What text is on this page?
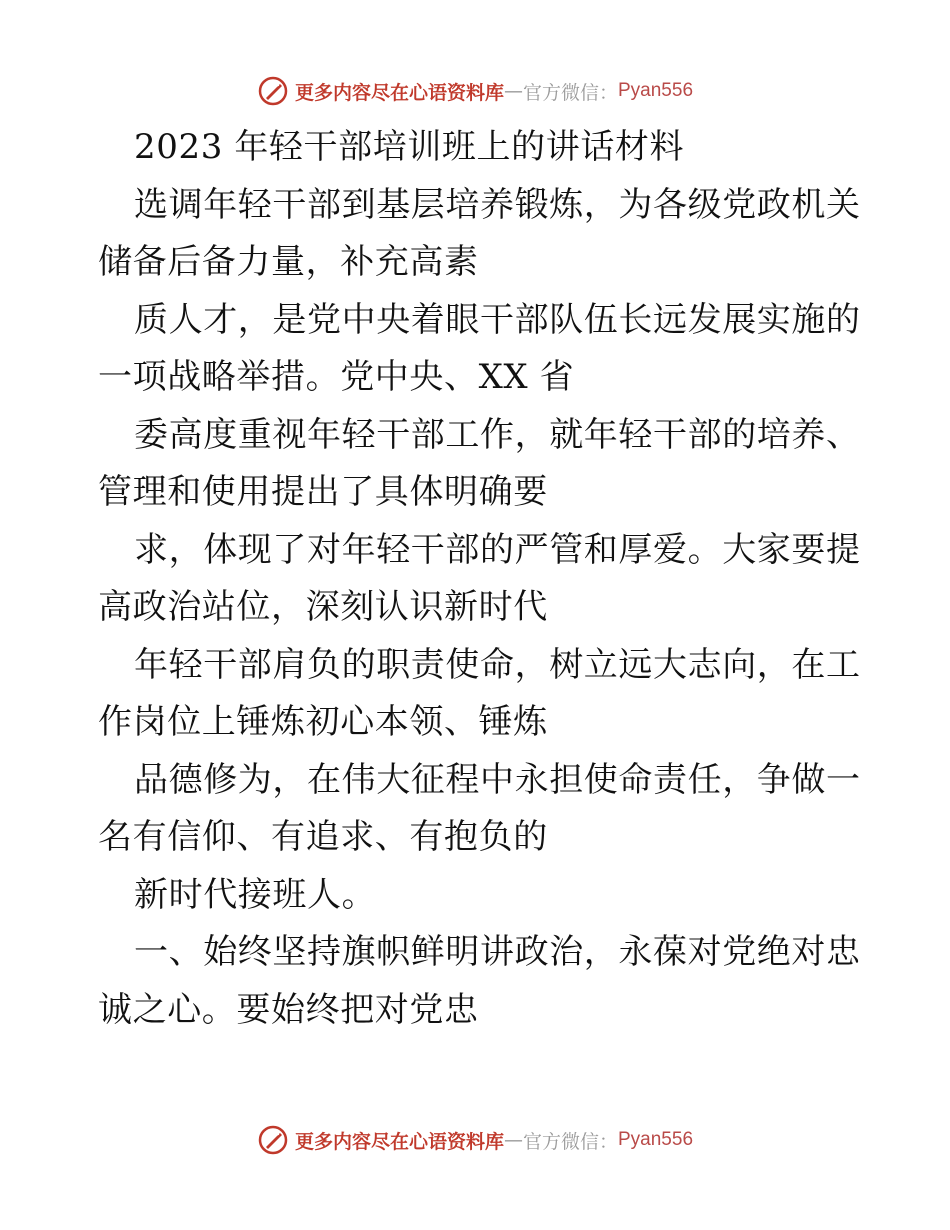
更多内容尽在心语资料库 — 官方微信： Pyan556
2023 年轻干部培训班上的讲话材料
选调年轻干部到基层培养锻炼，为各级党政机关
储备后备力量，补充高素
质人才，是党中央着眼干部队伍长远发展实施的
一项战略举措。党中央、XX 省
委高度重视年轻干部工作，就年轻干部的培养、
管理和使用提出了具体明确要
求，体现了对年轻干部的严管和厚爱。大家要提
高政治站位，深刻认识新时代
年轻干部肩负的职责使命，树立远大志向，在工
作岗位上锤炼初心本领、锤炼
品德修为，在伟大征程中永担使命责任，争做一
名有信仰、有追求、有抱负的
新时代接班人。
一、始终坚持旗帜鲜明讲政治，永葆对党绝对忠
诚之心。要始终把对党忠
更多内容尽在心语资料库 — 官方微信： Pyan556
